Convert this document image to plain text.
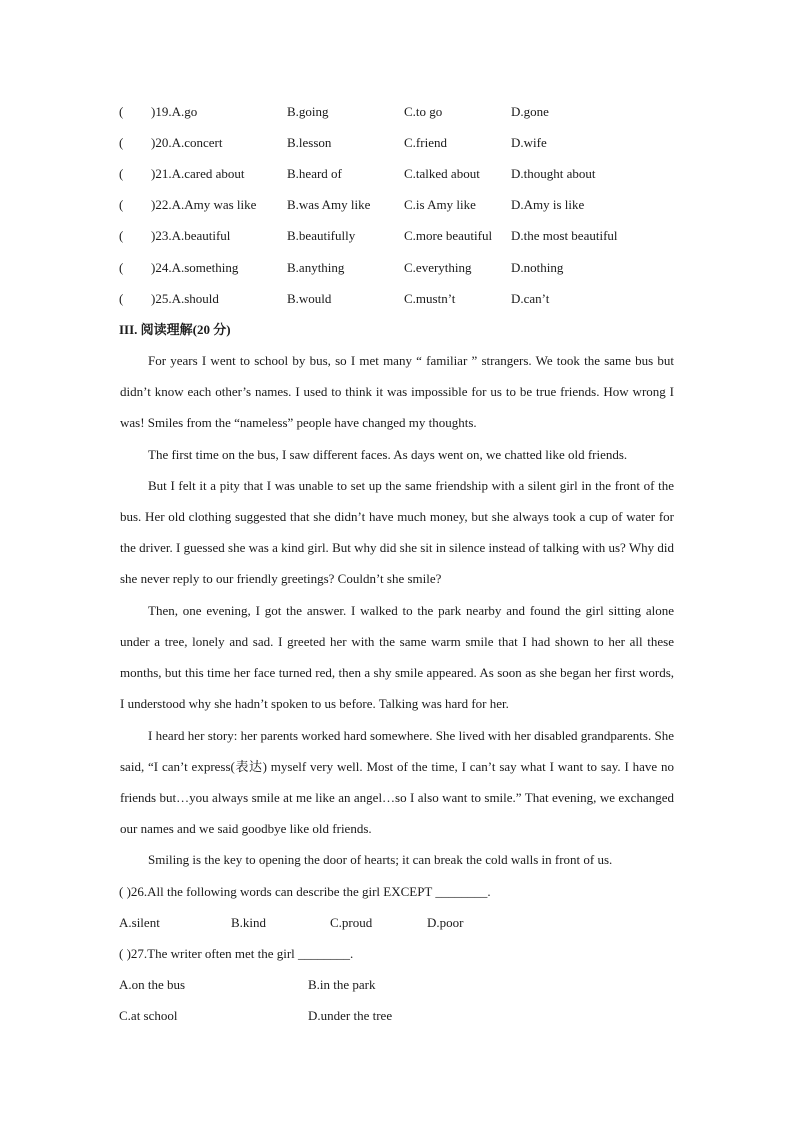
( )19.A.go	B.going	C.to go	D.gone
( )20.A.concert	B.lesson	C.friend	D.wife
( )21.A.cared about	B.heard of	C.talked about D.thought about
( )22.A.Amy was like B.was Amy like	C.is Amy like	D.Amy is like
( )23.A.beautiful	B.beautifully	C.more beautiful D.the most beautiful
( )24.A.something	B.anything	C.everything	D.nothing
( )25.A.should	B.would	C.mustn’t	D.can’t
III. 阅读理解(20 分)

For years I went to school by bus, so I met many “ familiar ” strangers. We took the same bus but didn’t know each other’s names. I used to think it was impossible for us to be true friends. How wrong I was! Smiles from the “nameless” people have changed my thoughts.

The first time on the bus, I saw different faces. As days went on, we chatted like old friends.

But I felt it a pity that I was unable to set up the same friendship with a silent girl in the front of the bus. Her old clothing suggested that she didn’t have much money, but she always took a cup of water for the driver. I guessed she was a kind girl. But why did she sit in silence instead of talking with us? Why did she never reply to our friendly greetings? Couldn’t she smile?

Then, one evening, I got the answer. I walked to the park nearby and found the girl sitting alone under a tree, lonely and sad. I greeted her with the same warm smile that I had shown to her all these months, but this time her face turned red, then a shy smile appeared. As soon as she began her first words, I understood why she hadn’t spoken to us before. Talking was hard for her.

I heard her story: her parents worked hard somewhere. She lived with her disabled grandparents. She said, “I can’t express(表达) myself very well. Most of the time, I can’t say what I want to say. I have no friends but…you always smile at me like an angel…so I also want to smile.” That evening, we exchanged our names and we said goodbye like old friends.

Smiling is the key to opening the door of hearts; it can break the cold walls in front of us.

( )26.All the following words can describe the girl EXCEPT ________.
A.silent	B.kind	C.proud	D.poor
( )27.The writer often met the girl ________.
A.on the bus	B.in the park
C.at school	D.under the tree
